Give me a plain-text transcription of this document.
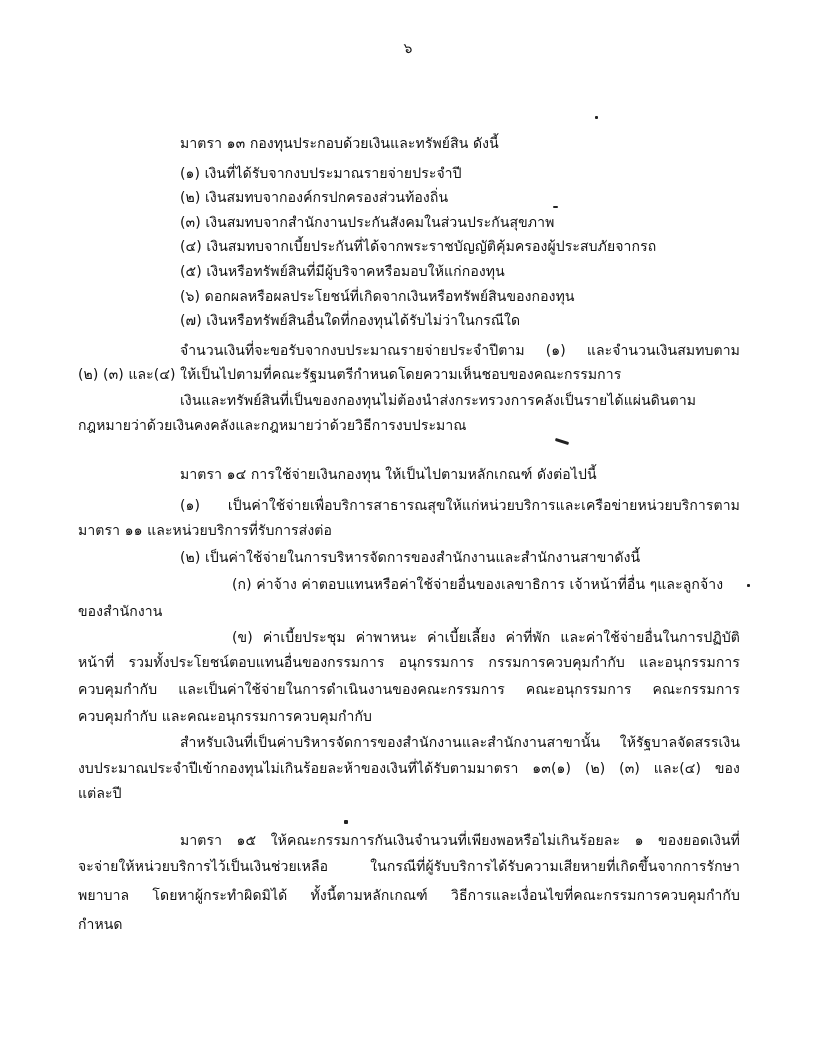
๖
มาตรา ๑๓ กองทุนประกอบด้วยเงินและทรัพย์สิน ดังนี้
(๑) เงินที่ได้รับจากงบประมาณรายจ่ายประจำปี
(๒) เงินสมทบจากองค์กรปกครองส่วนท้องถิ่น
(๓) เงินสมทบจากสำนักงานประกันสังคมในส่วนประกันสุขภาพ
(๔) เงินสมทบจากเบี้ยประกันที่ได้จากพระราชบัญญัติคุ้มครองผู้ประสบภัยจากรถ
(๕) เงินหรือทรัพย์สินที่มีผู้บริจาคหรือมอบให้แก่กองทุน
(๖) ดอกผลหรือผลประโยชน์ที่เกิดจากเงินหรือทรัพย์สินของกองทุน
(๗) เงินหรือทรัพย์สินอื่นใดที่กองทุนได้รับไม่ว่าในกรณีใด
จำนวนเงินที่จะขอรับจากงบประมาณรายจ่ายประจำปีตาม (๑) และจำนวนเงินสมทบตาม
(๒) (๓) และ(๔) ให้เป็นไปตามที่คณะรัฐมนตรีกำหนดโดยความเห็นชอบของคณะกรรมการ
เงินและทรัพย์สินที่เป็นของกองทุนไม่ต้องนำส่งกระทรวงการคลังเป็นรายได้แผ่นดินตาม
กฎหมายว่าด้วยเงินคงคลังและกฎหมายว่าด้วยวิธีการงบประมาณ
มาตรา ๑๔ การใช้จ่ายเงินกองทุน ให้เป็นไปตามหลักเกณฑ์ ดังต่อไปนี้
(๑) เป็นค่าใช้จ่ายเพื่อบริการสาธารณสุขให้แก่หน่วยบริการและเครือข่ายหน่วยบริการตาม
มาตรา ๑๑ และหน่วยบริการที่รับการส่งต่อ
(๒) เป็นค่าใช้จ่ายในการบริหารจัดการของสำนักงานและสำนักงานสาขาดังนี้
(ก) ค่าจ้าง ค่าตอบแทนหรือค่าใช้จ่ายอื่นของเลขาธิการ เจ้าหน้าที่อื่น ๆและลูกจ้าง
ของสำนักงาน
(ข) ค่าเบี้ยประชุม ค่าพาหนะ ค่าเบี้ยเลี้ยง ค่าที่พัก และค่าใช้จ่ายอื่นในการปฏิบัติ
หน้าที่ รวมทั้งประโยชน์ตอบแทนอื่นของกรรมการ อนุกรรมการ กรรมการควบคุมกำกับ และอนุกรรมการ
ควบคุมกำกับ และเป็นค่าใช้จ่ายในการดำเนินงานของคณะกรรมการ คณะอนุกรรมการ คณะกรรมการ
ควบคุมกำกับ และคณะอนุกรรมการควบคุมกำกับ
สำหรับเงินที่เป็นค่าบริหารจัดการของสำนักงานและสำนักงานสาขานั้น ให้รัฐบาลจัดสรรเงิน
งบประมาณประจำปีเข้ากองทุนไม่เกินร้อยละห้าของเงินที่ได้รับตามมาตรา ๑๓(๑) (๒) (๓) และ(๔) ของ
แต่ละปี
มาตรา ๑๕ ให้คณะกรรมการกันเงินจำนวนที่เพียงพอหรือไม่เกินร้อยละ ๑ ของยอดเงินที่
จะจ่ายให้หน่วยบริการไว้เป็นเงินช่วยเหลือ ในกรณีที่ผู้รับบริการได้รับความเสียหายที่เกิดขึ้นจากการรักษา
พยาบาล โดยหาผู้กระทำผิดมิได้ ทั้งนี้ตามหลักเกณฑ์ วิธีการและเงื่อนไขที่คณะกรรมการควบคุมกำกับ
กำหนด
